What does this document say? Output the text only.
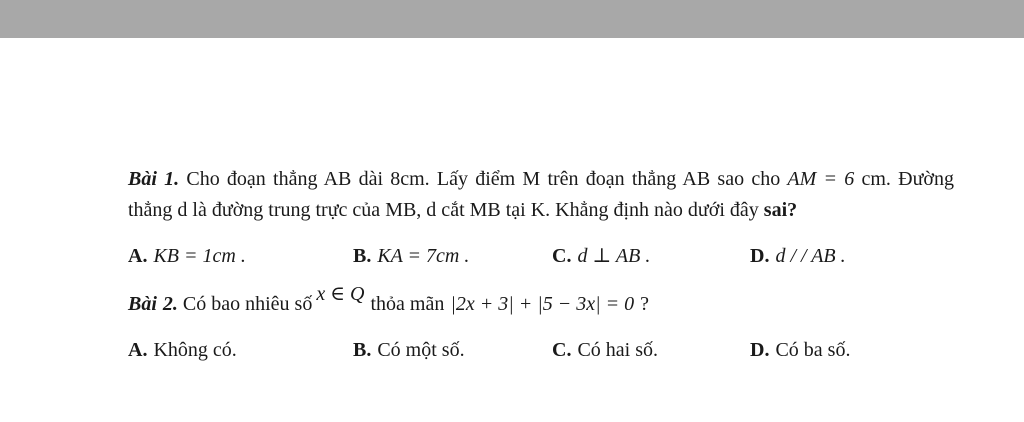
Bài 1. Cho đoạn thẳng AB dài 8cm. Lấy điểm M trên đoạn thẳng AB sao cho AM = 6 cm. Đường thẳng d là đường trung trực của MB, d cắt MB tại K. Khẳng định nào dưới đây sai?
A. KB = 1cm .	B. KA = 7cm .	C. d ⊥ AB .	D. d / / AB .
Bài 2. Có bao nhiêu số x ∈ Q thỏa mãn |2x + 3| + |5 − 3x| = 0 ?
A. Không có.	B. Có một số.	C. Có hai số.	D. Có ba số.
